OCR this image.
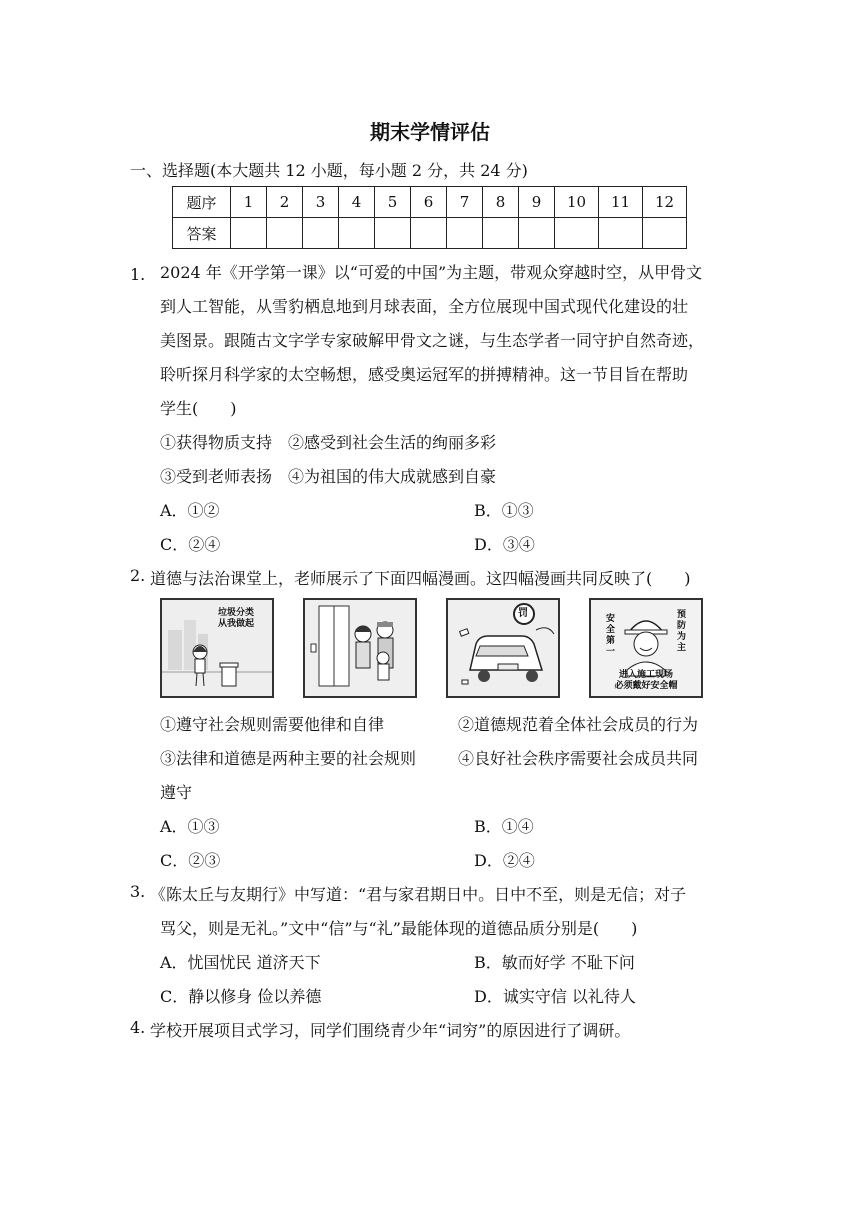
期末学情评估
一、选择题(本大题共 12 小题，每小题 2 分，共 24 分)
题序	1	2	3	4	5	6	7	8	9	10	11	12
答案												
1. 2024 年《开学第一课》以“可爱的中国”为主题，带观众穿越时空，从甲骨文
到人工智能，从雪豹栖息地到月球表面，全方位展现中国式现代化建设的壮
美图景。跟随古文字学专家破解甲骨文之谜，与生态学者一同守护自然奇迹，
聆听探月科学家的太空畅想，感受奥运冠军的拼搏精神。这一节目旨在帮助
学生(　　)
①获得物质支持　②感受到社会生活的绚丽多彩
③受到老师表扬　④为祖国的伟大成就感到自豪
A．①②	B．①③
C．②④	D．③④
2. 道德与法治课堂上，老师展示了下面四幅漫画。这四幅漫画共同反映了(　　)
垃圾分类
从我做起
罚	安
全
第
一
预
防
为
主
进入施工现场
必须戴好安全帽
①遵守社会规则需要他律和自律	②道德规范着全体社会成员的行为
③法律和道德是两种主要的社会规则	④良好社会秩序需要社会成员共同
遵守
A．①③	B．①④
C．②③	D．②④
3. 《陈太丘与友期行》中写道：“君与家君期日中。日中不至，则是无信；对子
骂父，则是无礼。”文中“信”与“礼”最能体现的道德品质分别是(　　)
A．忧国忧民 道济天下	B．敏而好学 不耻下问
C．静以修身 俭以养德	D．诚实守信 以礼待人
4. 学校开展项目式学习，同学们围绕青少年“词穷”的原因进行了调研。
